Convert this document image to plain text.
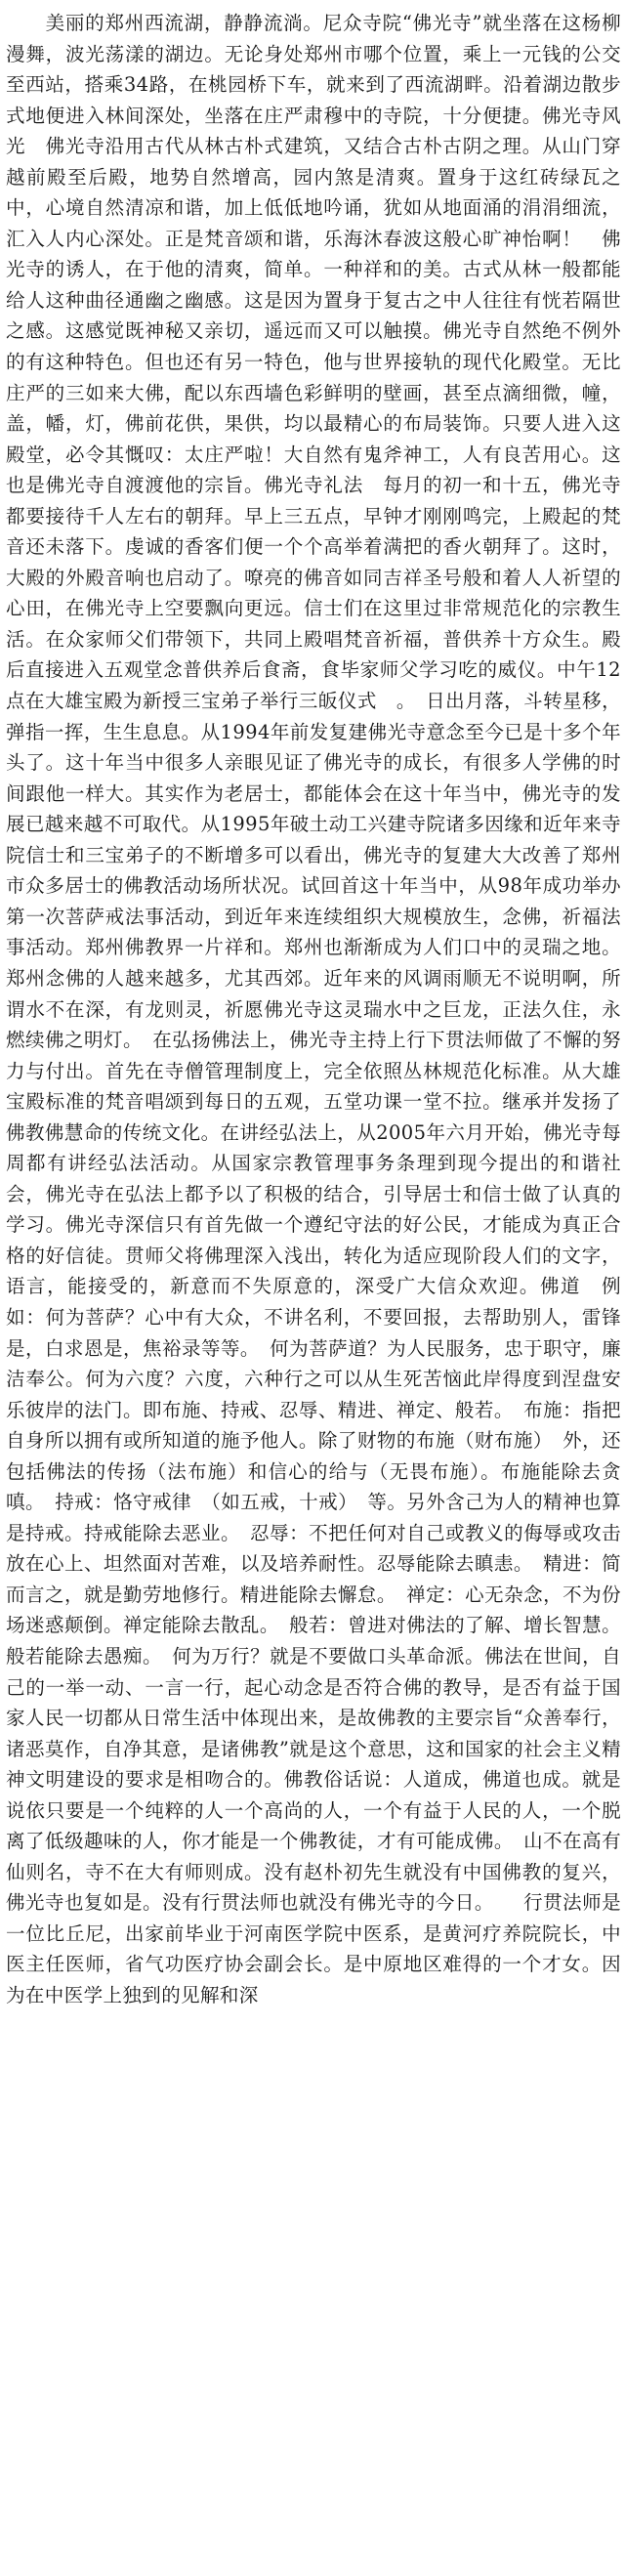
　　美丽的郑州西流湖，静静流淌。尼众寺院“佛光寺”就坐落在这杨柳漫舞，波光荡漾的湖边。无论身处郑州市哪个位置，乘上一元钱的公交至西站，搭乘34路，在桃园桥下车，就来到了西流湖畔。沿着湖边散步式地便进入林间深处，坐落在庄严肃穆中的寺院，十分便捷。佛光寺风光　佛光寺沿用古代从林古朴式建筑，又结合古朴古阴之理。从山门穿越前殿至后殿，地势自然增高，园内煞是清爽。置身于这红砖绿瓦之中，心境自然清凉和谐，加上低低地吟诵，犹如从地面涌的涓涓细流，汇入人内心深处。正是梵音颂和谐，乐海沐春波这般心旷神怡啊！　佛光寺的诱人，在于他的清爽，简单。一种祥和的美。古式从林一般都能给人这种曲径通幽之幽感。这是因为置身于复古之中人往往有恍若隔世之感。这感觉既神秘又亲切，遥远而又可以触摸。佛光寺自然绝不例外的有这种特色。但也还有另一特色，他与世界接轨的现代化殿堂。无比庄严的三如来大佛，配以东西墙色彩鲜明的壁画，甚至点滴细微，幢，盖，幡，灯，佛前花供，果供，均以最精心的布局装饰。只要人进入这殿堂，必令其慨叹：太庄严啦！大自然有鬼斧神工，人有良苦用心。这也是佛光寺自渡渡他的宗旨。佛光寺礼法　每月的初一和十五，佛光寺都要接待千人左右的朝拜。早上三五点，早钟才刚刚鸣完，上殿起的梵音还未落下。虔诚的香客们便一个个高举着满把的香火朝拜了。这时，大殿的外殿音响也启动了。嘹亮的佛音如同吉祥圣号般和着人人祈望的心田，在佛光寺上空要飘向更远。信士们在这里过非常规范化的宗教生活。在众家师父们带领下，共同上殿唱梵音祈福，普供养十方众生。殿后直接进入五观堂念普供养后食斋，食毕家师父学习吃的威仪。中午12点在大雄宝殿为新授三宝弟子举行三皈仪式　。　日出月落，斗转星移，弹指一挥，生生息息。从1994年前发复建佛光寺意念至今已是十多个年头了。这十年当中很多人亲眼见证了佛光寺的成长，有很多人学佛的时间跟他一样大。其实作为老居士，都能体会在这十年当中，佛光寺的发展已越来越不可取代。从1995年破土动工兴建寺院诸多因缘和近年来寺院信士和三宝弟子的不断增多可以看出，佛光寺的复建大大改善了郑州市众多居士的佛教活动场所状况。试回首这十年当中，从98年成功举办第一次菩萨戒法事活动，到近年来连续组织大规模放生，念佛，祈福法事活动。郑州佛教界一片祥和。郑州也渐渐成为人们口中的灵瑞之地。郑州念佛的人越来越多，尤其西郊。近年来的风调雨顺无不说明啊，所谓水不在深，有龙则灵，祈愿佛光寺这灵瑞水中之巨龙，正法久住，永燃续佛之明灯。　在弘扬佛法上，佛光寺主持上行下贯法师做了不懈的努力与付出。首先在寺僧管理制度上，完全依照丛林规范化标准。从大雄宝殿标准的梵音唱颂到每日的五观，五堂功课一堂不拉。继承并发扬了佛教佛慧命的传统文化。在讲经弘法上，从2005年六月开始，佛光寺每周都有讲经弘法活动。从国家宗教管理事务条理到现今提出的和谐社会，佛光寺在弘法上都予以了积极的结合，引导居士和信士做了认真的学习。佛光寺深信只有首先做一个遵纪守法的好公民，才能成为真正合格的好信徒。贯师父将佛理深入浅出，转化为适应现阶段人们的文字，语言，能接受的，新意而不失原意的，深受广大信众欢迎。佛道　例如：何为菩萨？心中有大众，不讲名利，不要回报，去帮助别人，雷锋是，白求恩是，焦裕录等等。　何为菩萨道？为人民服务，忠于职守，廉洁奉公。何为六度？六度，六种行之可以从生死苦恼此岸得度到涅盘安乐彼岸的法门。即布施、持戒、忍辱、精进、禅定、般若。　布施：指把自身所以拥有或所知道的施予他人。除了财物的布施（财布施）　外，还包括佛法的传扬（法布施）和信心的给与（无畏布施）。布施能除去贪嗔。　持戒：恪守戒律　（如五戒，十戒）　等。另外含己为人的精神也算是持戒。持戒能除去恶业。　忍辱：不把任何对自己或教义的侮辱或攻击放在心上、坦然面对苦难，以及培养耐性。忍辱能除去瞋恚。　精进：简而言之，就是勤劳地修行。精进能除去懈怠。　禅定：心无杂念，不为份场迷惑颠倒。禅定能除去散乱。　般若：曾进对佛法的了解、增长智慧。般若能除去愚痴。　何为万行？就是不要做口头革命派。佛法在世间，自己的一举一动、一言一行，起心动念是否符合佛的教导，是否有益于国家人民一切都从日常生活中体现出来，是故佛教的主要宗旨“众善奉行，诸恶莫作，自净其意，是诸佛教”就是这个意思，这和国家的社会主义精神文明建设的要求是相吻合的。佛教俗话说：人道成，佛道也成。就是说依只要是一个纯粹的人一个高尚的人，一个有益于人民的人，一个脱离了低级趣味的人，你才能是一个佛教徒，才有可能成佛。　山不在高有仙则名，寺不在大有师则成。没有赵朴初先生就没有中国佛教的复兴，佛光寺也复如是。没有行贯法师也就没有佛光寺的今日。　　行贯法师是一位比丘尼，出家前毕业于河南医学院中医系，是黄河疗养院院长，中医主任医师，省气功医疗协会副会长。是中原地区难得的一个才女。因为在中医学上独到的见解和深
